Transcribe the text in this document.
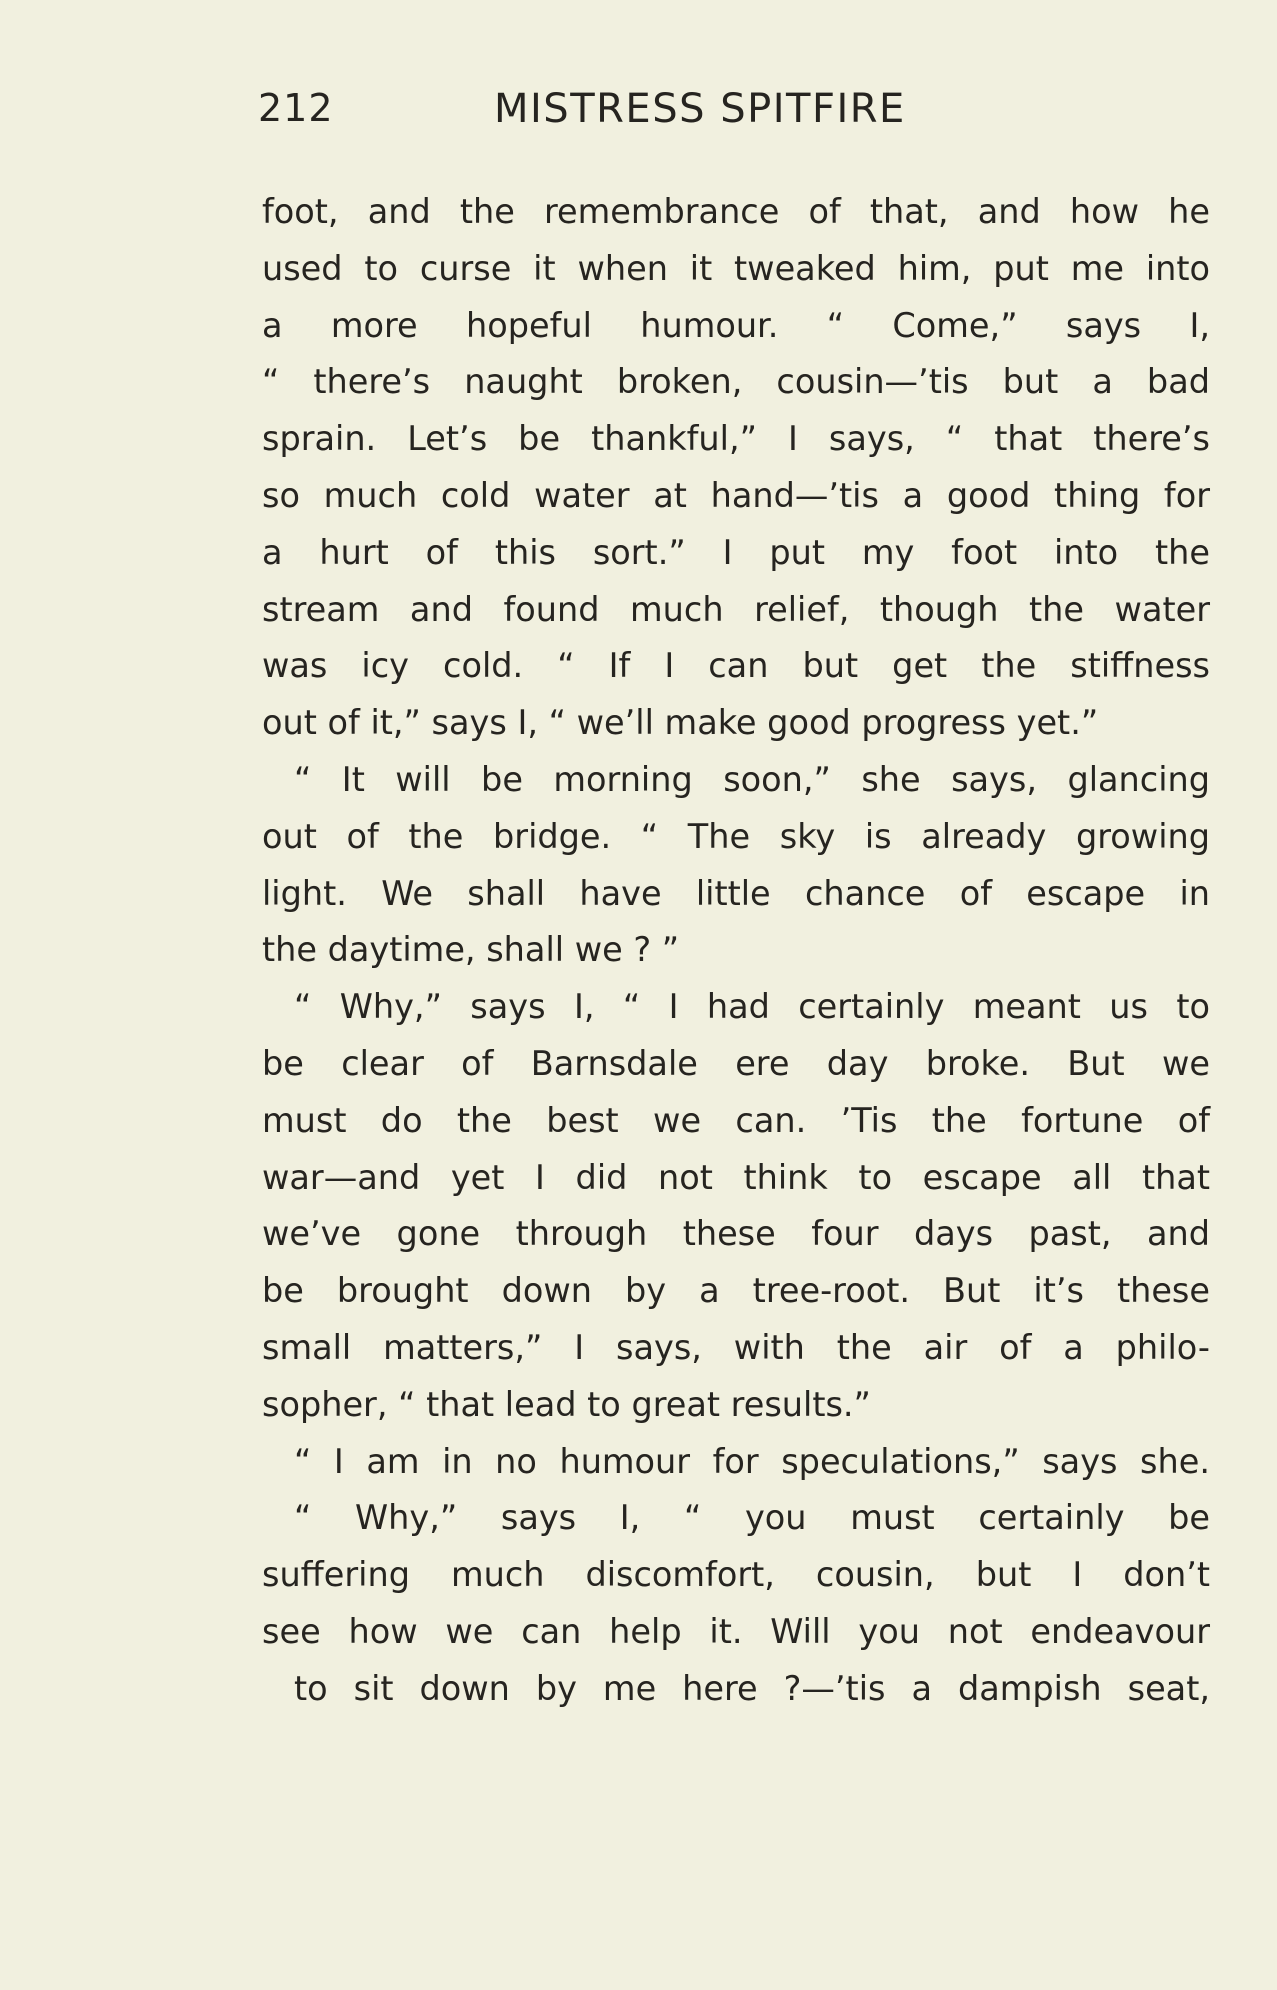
212	MISTRESS SPITFIRE
foot, and the remembrance of that, and how he
used to curse it when it tweaked him, put me into
a more hopeful humour. “ Come,” says I,
“ there’s naught broken, cousin—’tis but a bad
sprain. Let’s be thankful,” I says, “ that there’s
so much cold water at hand—’tis a good thing for
a hurt of this sort.” I put my foot into the
stream and found much relief, though the water
was icy cold. “ If I can but get the stiffness
out of it,” says I, “ we’ll make good progress yet.”
“ It will be morning soon,” she says, glancing
out of the bridge. “ The sky is already growing
light. We shall have little chance of escape in
the daytime, shall we ? ”
“ Why,” says I, “ I had certainly meant us to
be clear of Barnsdale ere day broke. But we
must do the best we can. ’Tis the fortune of
war—and yet I did not think to escape all that
we’ve gone through these four days past, and
be brought down by a tree-root. But it’s these
small matters,” I says, with the air of a philo-
sopher, “ that lead to great results.”
“ I am in no humour for speculations,” says she.
“ Why,” says I, “ you must certainly be
suffering much discomfort, cousin, but I don’t
see how we can help it. Will you not endeavour
to sit down by me here ?—’tis a dampish seat,
